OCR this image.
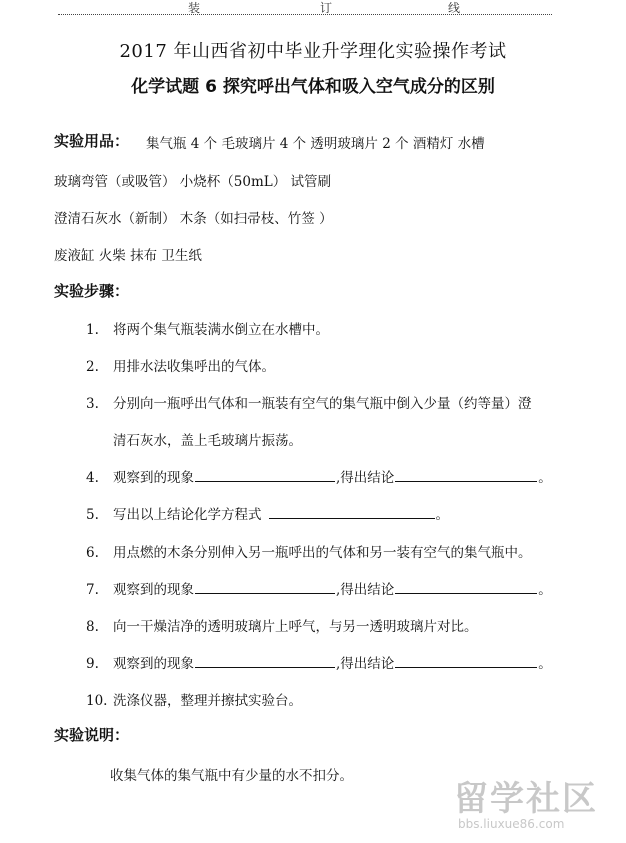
装	订	线
2017 年山西省初中毕业升学理化实验操作考试
化学试题 6 探究呼出气体和吸入空气成分的区别
实验用品： 集气瓶 4 个 毛玻璃片 4 个 透明玻璃片 2 个 酒精灯 水槽
玻璃弯管（或吸管） 小烧杯（50mL） 试管刷
澄清石灰水（新制） 木条（如扫帚枝、竹签 ）
废液缸 火柴 抹布 卫生纸
实验步骤：
1. 将两个集气瓶装满水倒立在水槽中。
2. 用排水法收集呼出的气体。
3. 分别向一瓶呼出气体和一瓶装有空气的集气瓶中倒入少量（约等量）澄
清石灰水，盖上毛玻璃片振荡。
4. 观察到的现象	,得出结论	。
5. 写出以上结论化学方程式	。
6. 用点燃的木条分别伸入另一瓶呼出的气体和另一装有空气的集气瓶中。
7. 观察到的现象	,得出结论	。
8. 向一干燥洁净的透明玻璃片上呼气，与另一透明玻璃片对比。
9. 观察到的现象	,得出结论	。
10. 洗涤仪器，整理并擦拭实验台。
实验说明：
收集气体的集气瓶中有少量的水不扣分。
留学社区
bbs.liuxue86.com
